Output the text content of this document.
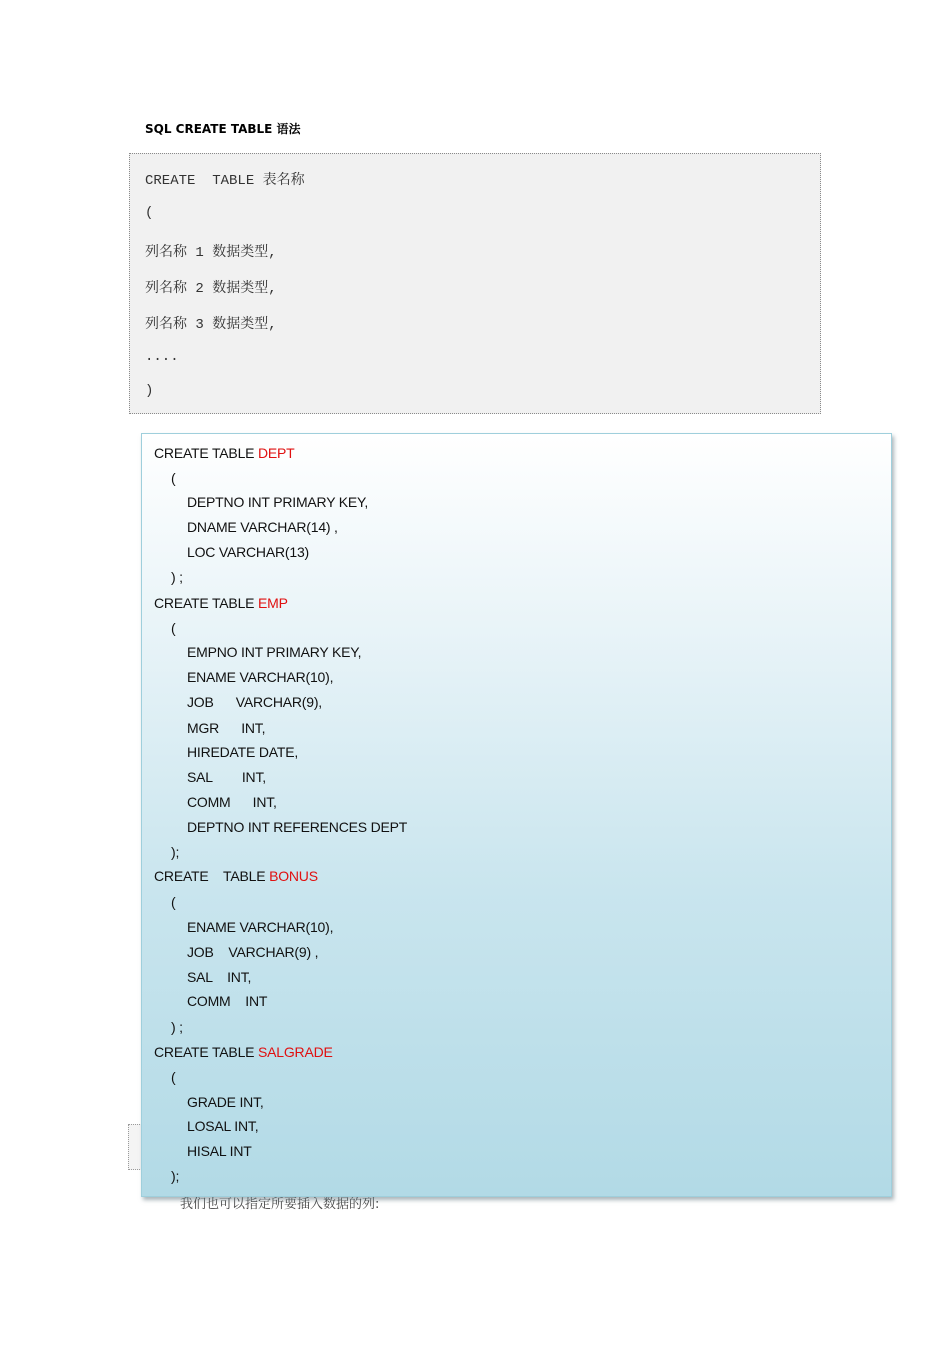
SQL CREATE TABLE 语法
CREATE  TABLE 表名称
(
列名称 1 数据类型,
列名称 2 数据类型,
列名称 3 数据类型,
....
)
我们也可以指定所要插入数据的列:
CREATE TABLE DEPT
(
DEPTNO INT PRIMARY KEY,
DNAME VARCHAR(14) ,
LOC VARCHAR(13)
) ;
CREATE TABLE EMP
(
EMPNO INT PRIMARY KEY,
ENAME VARCHAR(10),
JOB      VARCHAR(9),
MGR      INT,
HIREDATE DATE,
SAL        INT,
COMM      INT,
DEPTNO INT REFERENCES DEPT
);
CREATE    TABLE BONUS
(
ENAME VARCHAR(10),
JOB    VARCHAR(9) ,
SAL    INT,
COMM    INT
) ;
CREATE TABLE SALGRADE
(
GRADE INT,
LOSAL INT,
HISAL INT
);
